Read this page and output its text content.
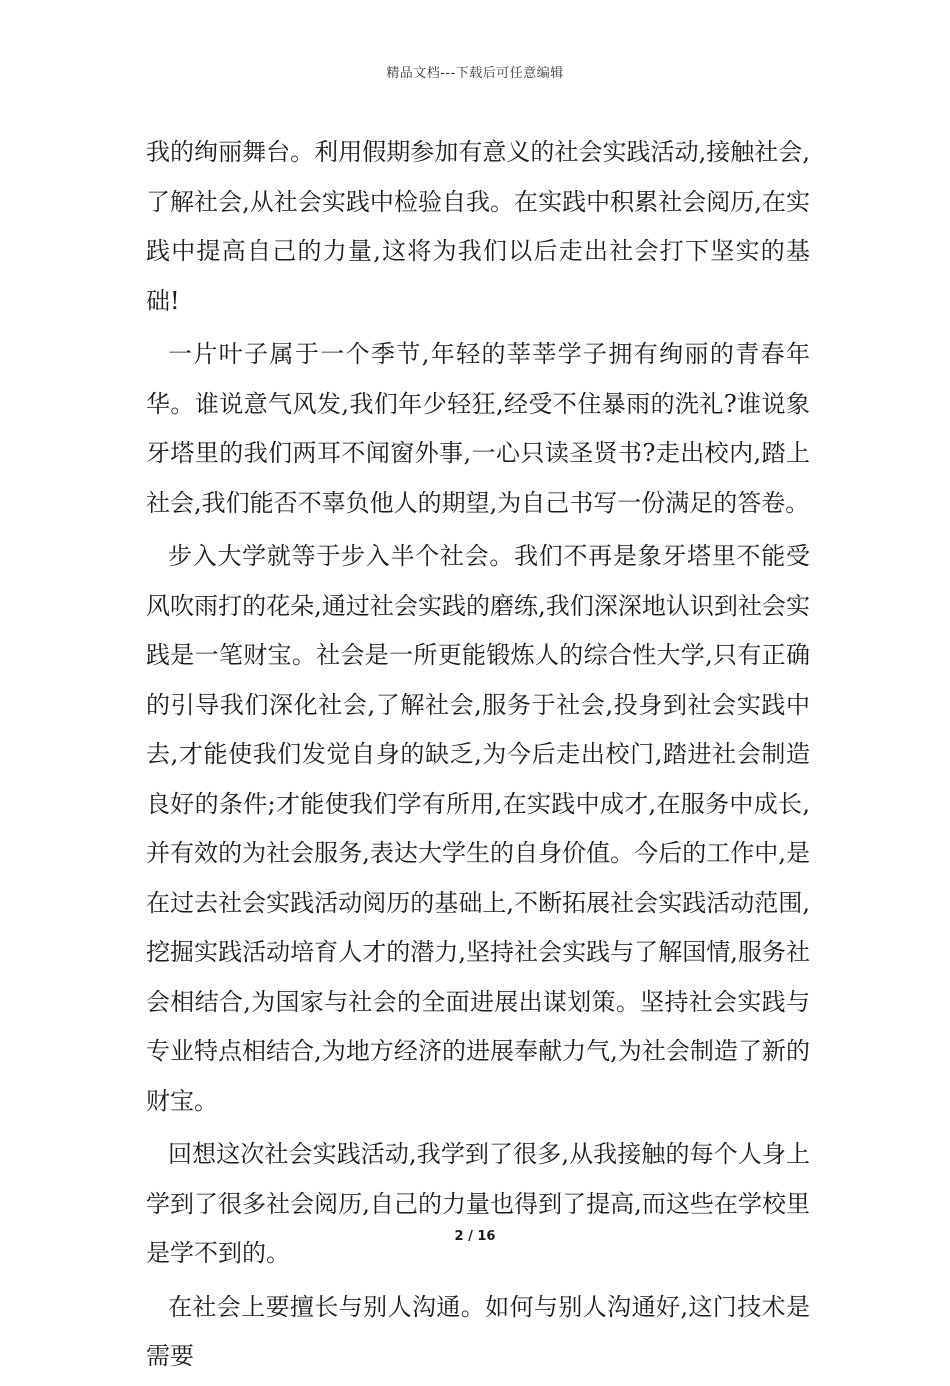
精品文档---下载后可任意编辑

我的绚丽舞台。利用假期参加有意义的社会实践活动,接触社会,了解社会,从社会实践中检验自我。在实践中积累社会阅历,在实践中提高自己的力量,这将为我们以后走出社会打下坚实的基础!

一片叶子属于一个季节,年轻的莘莘学子拥有绚丽的青春年华。谁说意气风发,我们年少轻狂,经受不住暴雨的洗礼?谁说象牙塔里的我们两耳不闻窗外事,一心只读圣贤书?走出校内,踏上社会,我们能否不辜负他人的期望,为自己书写一份满足的答卷。

步入大学就等于步入半个社会。我们不再是象牙塔里不能受风吹雨打的花朵,通过社会实践的磨练,我们深深地认识到社会实践是一笔财宝。社会是一所更能锻炼人的综合性大学,只有正确的引导我们深化社会,了解社会,服务于社会,投身到社会实践中去,才能使我们发觉自身的缺乏,为今后走出校门,踏进社会制造良好的条件;才能使我们学有所用,在实践中成才,在服务中成长,并有效的为社会服务,表达大学生的自身价值。今后的工作中,是在过去社会实践活动阅历的基础上,不断拓展社会实践活动范围,挖掘实践活动培育人才的潜力,坚持社会实践与了解国情,服务社会相结合,为国家与社会的全面进展出谋划策。坚持社会实践与专业特点相结合,为地方经济的进展奉献力气,为社会制造了新的财宝。

回想这次社会实践活动,我学到了很多,从我接触的每个人身上学到了很多社会阅历,自己的力量也得到了提高,而这些在学校里是学不到的。

在社会上要擅长与别人沟通。如何与别人沟通好,这门技术是需要

2 / 16
